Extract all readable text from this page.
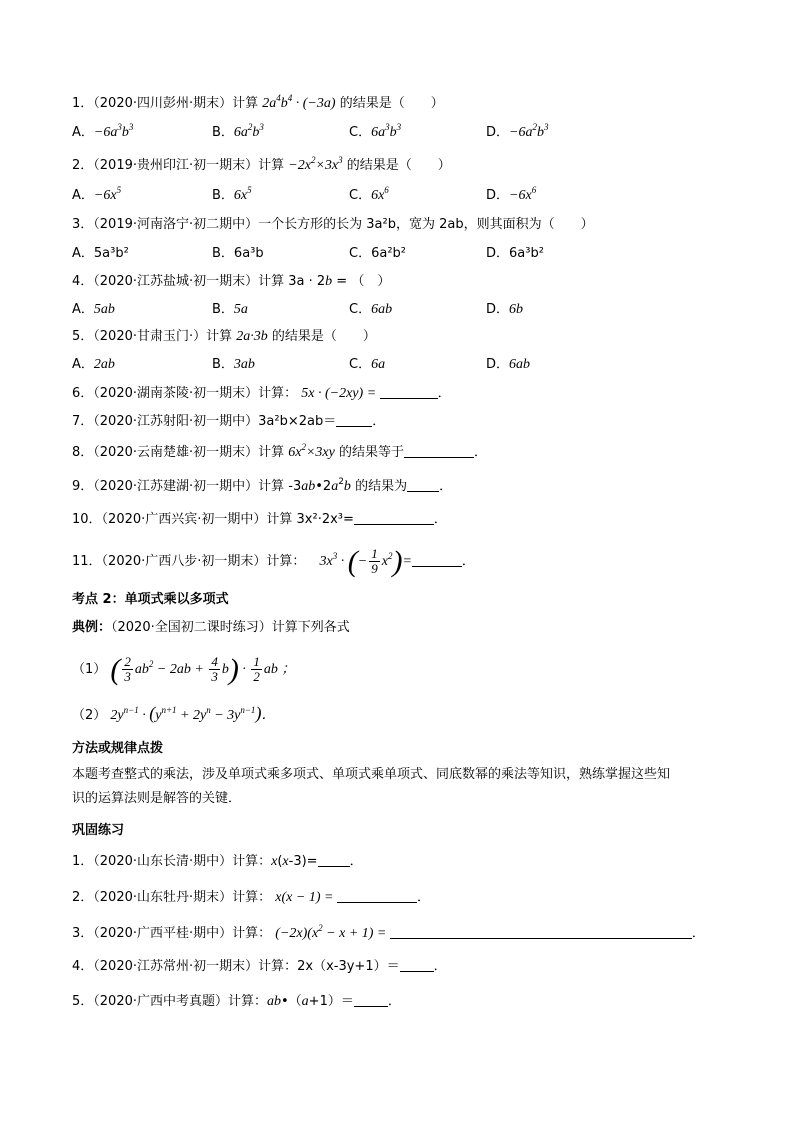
1．（2020·四川彭州·期末）计算 $2a^4b^4 \cdot (-3a)$ 的结果是（　　）
A．$-6a^3b^3$	B．$6a^2b^3$	C．$6a^3b^3$	D．$-6a^2b^3$
2．（2019·贵州印江·初一期末）计算 $-2x^2\times 3x^3$ 的结果是（　　）
A．$-6x^5$	B．$6x^5$	C．$6x^6$	D．$-6x^6$
3．（2019·河南洛宁·初二期中）一个长方形的长为 3a²b，宽为 2ab，则其面积为（　　）
A．5a³b²	B．6a³b	C．6a²b²	D．6a³b²
4．（2020·江苏盐城·初一期末）计算 3a · 2b = （　）
A．5ab	B．5a	C．6ab	D．6b
5．（2020·甘肃玉门·）计算 2a·3b 的结果是（　　）
A．2ab	B．3ab	C．6a	D．6ab
6．（2020·湖南茶陵·初一期末）计算： 5x · (−2xy) =	．
7．（2020·江苏射阳·初一期中）3a²b×2ab＝	．
8．（2020·云南楚雄·初一期末）计算 $6x^2\times 3xy$ 的结果等于	．
9．（2020·江苏建湖·初一期中）计算 $-3ab•2a^2b$ 的结果为 ．
10．（2020·广西兴宾·初一期中）计算 3x²·2x³=	．
11．（2020·广西八步·初一期末）计算： $3x^3$ · (− $\frac{1}{9} x^2)=$	．
考点 2：单项式乘以多项式
典例：（2020·全国初二课时练习）计算下列各式
（1） ( $\frac{2}{3} ab^2 - 2ab + \frac{4}{3} b) \cdot \frac{1}{2}$ ab ；
（2） $2y^{n-1} \cdot (y^{n+1} + 2y^n - 3y^{n-1})$．
方法或规律点拨
本题考查整式的乘法，涉及单项式乘多项式、单项式乘单项式、同底数幂的乘法等知识，熟练掌握这些知
识的运算法则是解答的关键．
巩固练习
1．（2020·山东长清·期中）计算：x(x-3)= ．
2．（2020·山东牡丹·期末）计算： x(x − 1) =	．
3．（2020·广西平桂·期中）计算： $(-2x)(x^2 - x + 1)$ =	．
4．（2020·江苏常州·初一期末）计算：2x（x-3y+1）＝	．
5．（2020·广西中考真题）计算：ab•（a+1）＝	．
